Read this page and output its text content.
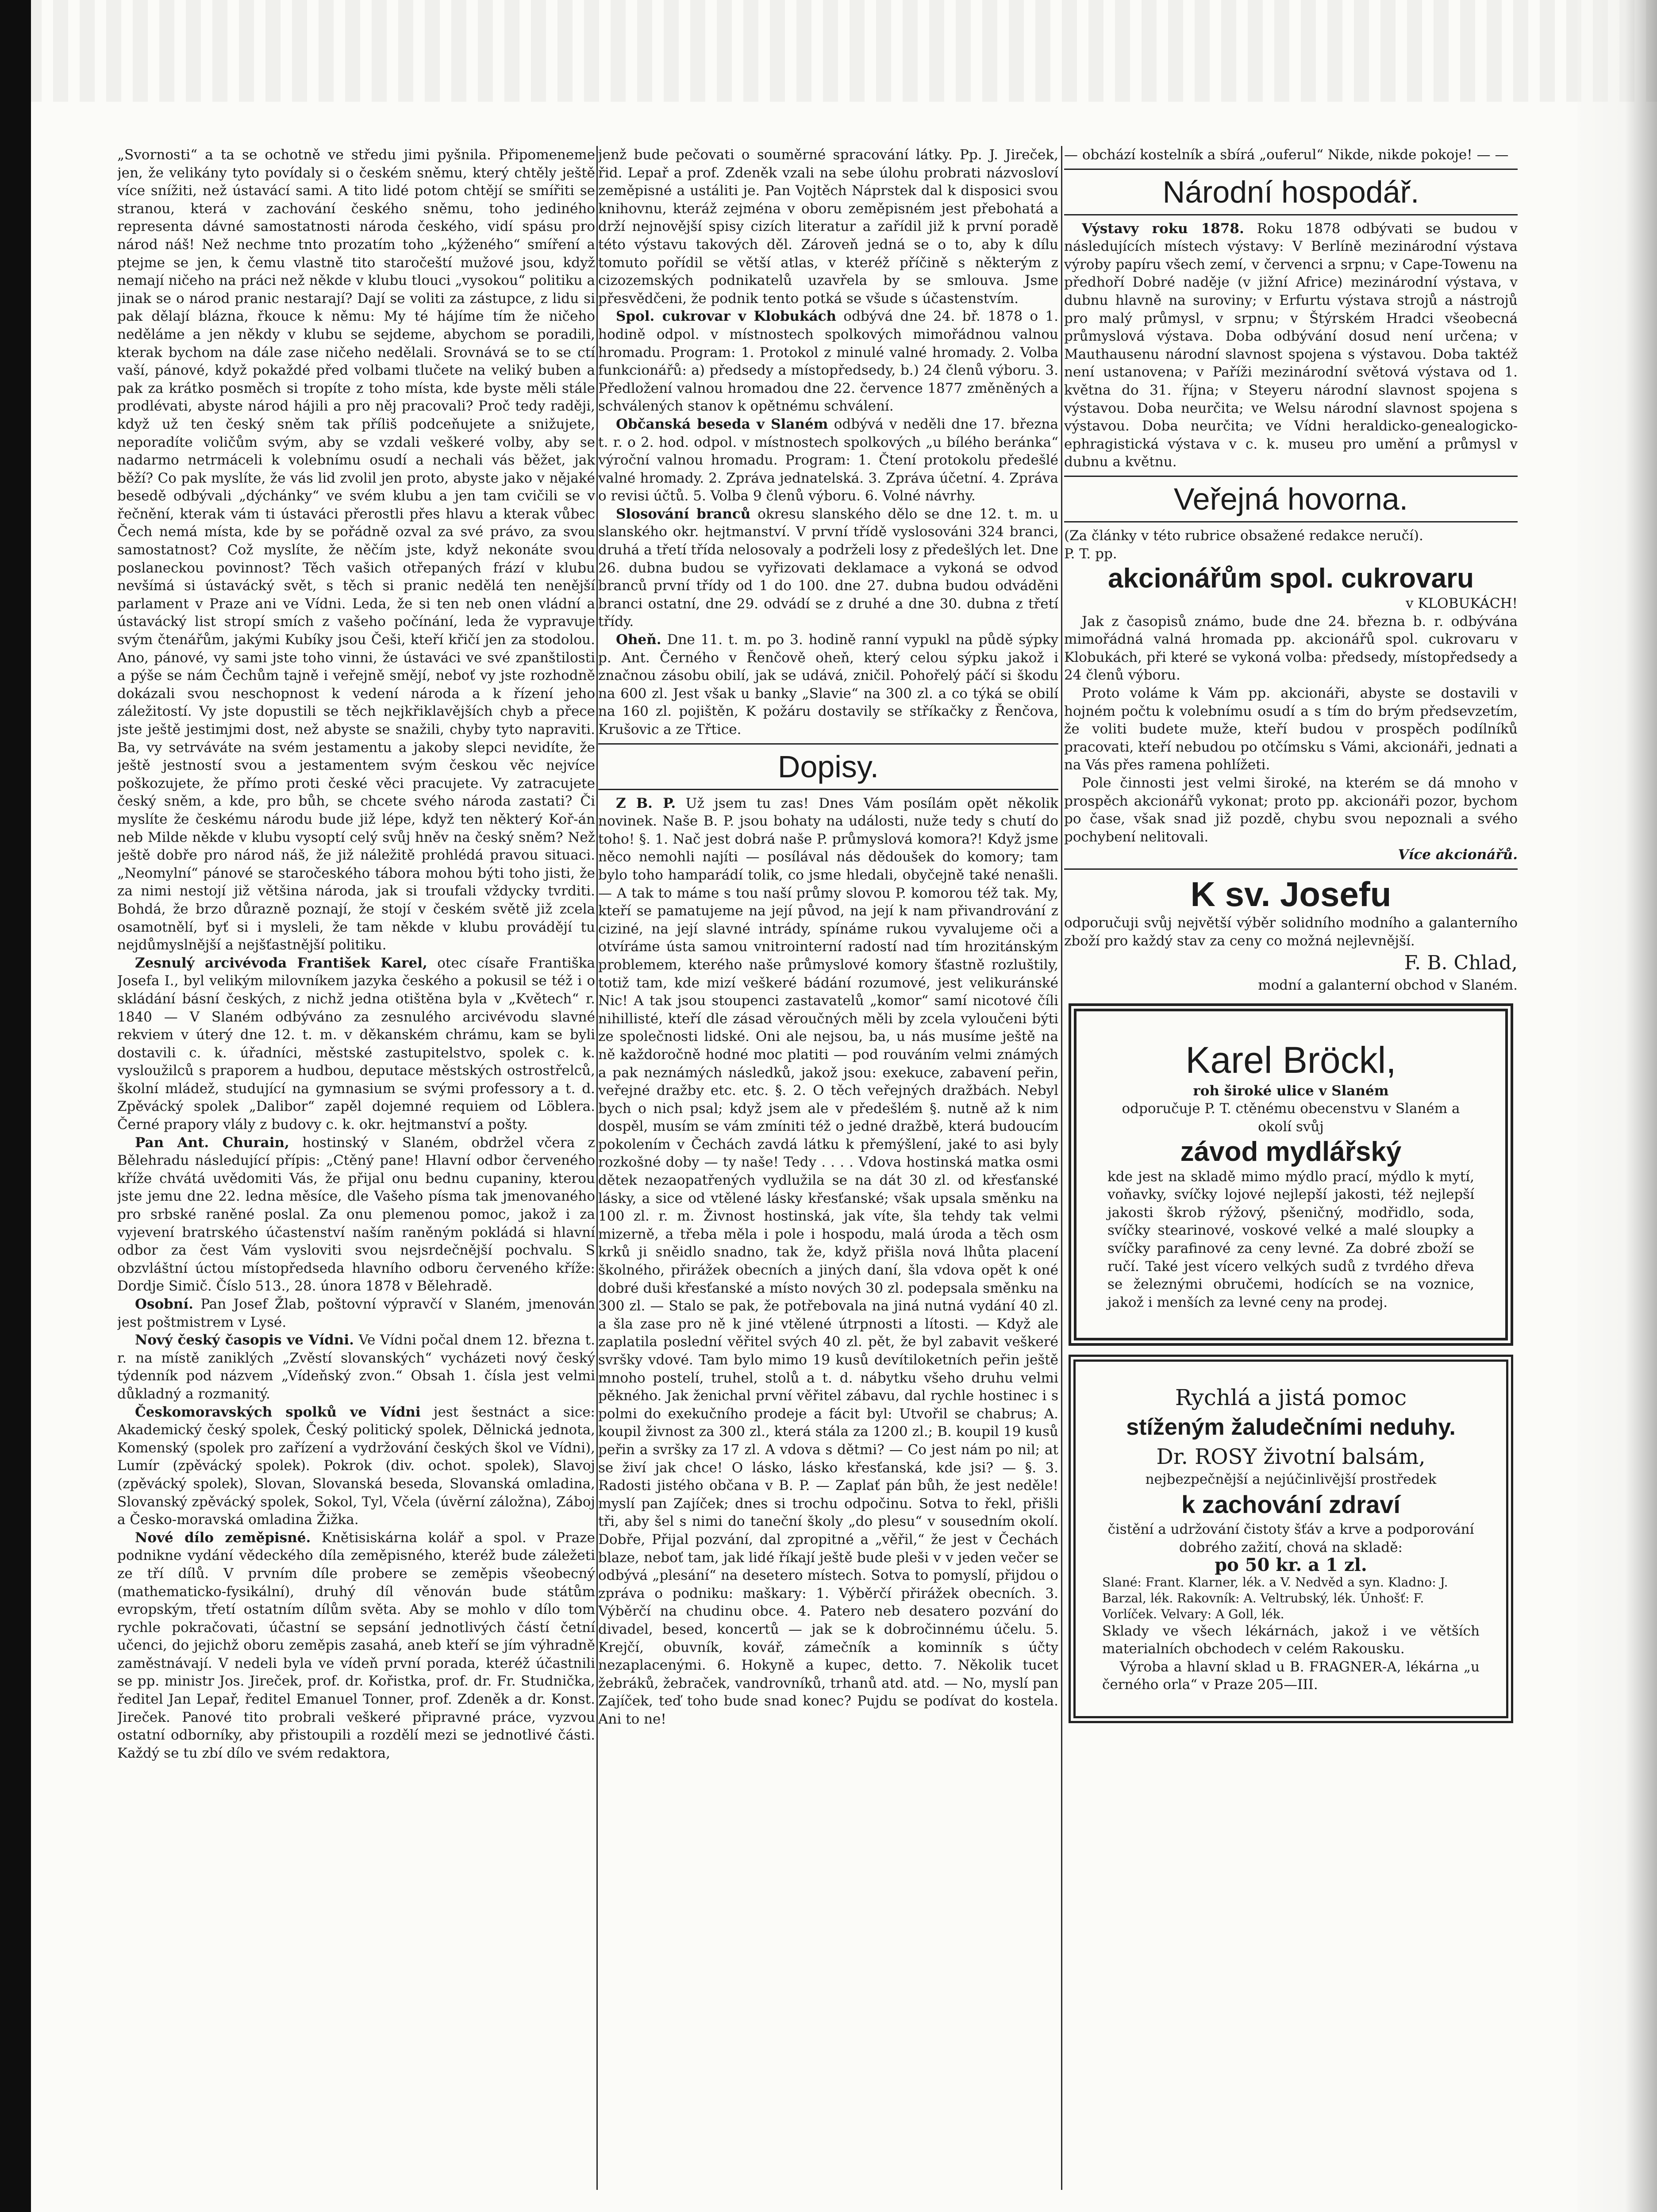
„Svornosti“ a ta se ochotně ve středu jimi pyšnila. Připomeneme jen, že velikány tyto povídaly si o českém sněmu, který chtěly ještě více snížiti, než ústavácí sami. A tito lidé potom chtějí se smířiti se stranou, která v zachování českého sněmu, toho jediného representa dávné samostatnosti národa českého, vidí spásu pro národ náš! Než nechme tnto prozatím toho „kýženého“ smíření a ptejme se jen, k čemu vlastně tito staročeští mužové jsou, když nemají ničeho na práci než někde v klubu tlouci „vysokou“ politiku a jinak se o národ pranic nestarají? Dají se voliti za zástupce, z lidu si pak dělají blázna, řkouce k němu: My té hájíme tím že ničeho neděláme a jen někdy v klubu se sejdeme, abychom se poradili, kterak bychom na dále zase ničeho nedělali. Srovnává se to se ctí vaší, pánové, když pokaždé před volbami tlučete na veliký buben a pak za krátko posměch si tropíte z toho místa, kde byste měli stále prodlévati, abyste národ hájili a pro něj pracovali? Proč tedy raději, když už ten český sněm tak příliš podceňujete a snižujete, neporadíte voličům svým, aby se vzdali veškeré volby, aby se nadarmo netrmáceli k volebnímu osudí a nechali vás běžet, jak běží? Co pak myslíte, že vás lid zvolil jen proto, abyste jako v nějaké besedě odbývali „dýchánky“ ve svém klubu a jen tam cvičili se v řečnění, kterak vám ti ústaváci přerostli přes hlavu a kterak vůbec Čech nemá místa, kde by se pořádně ozval za své právo, za svou samostatnost? Což myslíte, že něčím jste, když nekonáte svou poslaneckou povinnost? Těch vašich otřepaných frází v klubu nevšímá si ústavácký svět, s těch si pranic nedělá ten nenější parlament v Praze ani ve Vídni. Leda, že si ten neb onen vládní a ústavácký list stropí smích z vašeho počínání, leda že vypravuje svým čtenářům, jakými Kubíky jsou Češi, kteří křičí jen za stodolou. Ano, pánové, vy sami jste toho vinni, že ústaváci ve své zpanštilosti a pýše se nám Čechům tajně i veřejně smějí, neboť vy jste rozhodně dokázali svou neschopnost k vedení národa a k řízení jeho záležitostí. Vy jste dopustili se těch nejkřiklavějších chyb a přece jste ještě jestimjmi dost, než abyste se snažili, chyby tyto napraviti. Ba, vy setrváváte na svém jestamentu a jakoby slepci nevidíte, že ještě jestností svou a jestamentem svým českou věc nejvíce poškozujete, že přímo proti české věci pracujete. Vy zatracujete český sněm, a kde, pro bůh, se chcete svého národa zastati? Či myslíte že českému národu bude již lépe, když ten některý Koř‑án neb Milde někde v klubu vysoptí celý svůj hněv na český sněm? Než ještě dobře pro národ náš, že již náležitě prohlédá pravou situaci. „Neomylní“ pánové se staročeského tábora mohou býti toho jisti, že za nimi nestojí již většina národa, jak si troufali vždycky tvrditi. Bohdá, že brzo důrazně poznají, že stojí v českém světě již zcela osamotnělí, byť si i mysleli, že tam někde v klubu provádějí tu nejdůmyslnější a nejšťastnější politiku.

Zesnulý arcivévoda František Karel, otec císaře Františka Josefa I., byl velikým milovníkem jazyka českého a pokusil se též i o skládání básní českých, z nichž jedna otištěna byla v „Květech“ r. 1840 — V Slaném odbýváno za zesnulého arcivévodu slavné rekviem v úterý dne 12. t. m. v děkanském chrámu, kam se byli dostavili c. k. úřadníci, městské zastupitelstvo, spolek c. k. vysloužilců s praporem a hudbou, deputace městských ostrostřelců, školní mládež, studující na gymnasium se svými professory a t. d. Zpěvácký spolek „Dalibor“ zapěl dojemné requiem od Löblera. Černé prapory vlály z budovy c. k. okr. hejtmanství a pošty.

Pan Ant. Churain, hostinský v Slaném, obdržel včera z Bělehradu následující přípis: „Ctěný pane! Hlavní odbor červeného kříže chvátá uvědomiti Vás, že přijal onu bednu cupaniny, kterou jste jemu dne 22. ledna měsíce, dle Vašeho písma tak jmenovaného pro srbské raněné poslal. Za onu plemenou pomoc, jakož i za vyjevení bratrského účastenství naším raněným pokládá si hlavní odbor za čest Vám vysloviti svou nejsrdečnější pochvalu. S obzvláštní úctou místopředseda hlavního odboru červeného kříže: Dordje Simič. Číslo 513., 28. února 1878 v Bělehradě.

Osobní. Pan Josef Žlab, poštovní výpravčí v Slaném, jmenován jest poštmistrem v Lysé.

Nový český časopis ve Vídni. Ve Vídni počal dnem 12. března t. r. na místě zaniklých „Zvěstí slovanských“ vycházeti nový český týdenník pod názvem „Vídeňský zvon.“ Obsah 1. čísla jest velmi důkladný a rozmanitý.

Českomoravských spolků ve Vídni jest šestnáct a sice: Akademický český spolek, Český politický spolek, Dělnická jednota, Komenský (spolek pro zařízení a vydržování českých škol ve Vídni), Lumír (zpěvácký spolek). Pokrok (div. ochot. spolek), Slavoj (zpěvácký spolek), Slovan, Slovanská beseda, Slovanská omladina, Slovanský zpěvácký spolek, Sokol, Tyl, Včela (úvěrní záložna), Záboj a Česko-moravská omladina Žižka.

Nové dílo zeměpisné. Knětisiskárna kolář a spol. v Praze podnikne vydání vědeckého díla zeměpisného, kteréž bude záležeti ze tří dílů. V prvním díle probere se zeměpis všeobecný (mathematicko-fysikální), druhý díl věnován bude státům evropským, třetí ostatním dílům světa. Aby se mohlo v dílo tom rychle pokračovati, účastní se sepsání jednotlivých částí četní učenci, do jejichž oboru zeměpis zasahá, aneb kteří se jím výhradně zaměstnávají. V nedeli byla ve vídeň první porada, kteréž účastnili se pp. ministr Jos. Jireček, prof. dr. Kořistka, prof. dr. Fr. Studnička, ředitel Jan Lepař, ředitel Emanuel Tonner, prof. Zdeněk a dr. Konst. Jireček. Panové tito probrali veškeré připravné práce, vyzvou ostatní odborníky, aby přistoupili a rozdělí mezi se jednotlivé části. Každý se tu zbí dílo ve svém redaktora,

jenž bude pečovati o souměrné spracování látky. Pp. J. Jireček, řid. Lepař a prof. Zdeněk vzali na sebe úlohu probrati názvosloví zeměpisné a ustáliti je. Pan Vojtěch Náprstek dal k disposici svou knihovnu, kteráž zejména v oboru zeměpisném jest přebohatá a drží nejnovější spisy cizích literatur a zařídil již k první poradě této výstavu takových děl. Zároveň jedná se o to, aby k dílu tomuto pořídil se větší atlas, v kteréž příčině s některým z cizozemských podnikatelů uzavřela by se smlouva. Jsme přesvědčeni, že podnik tento potká se všude s účastenstvím.

Spol. cukrovar v Klobukách odbývá dne 24. bř. 1878 o 1. hodině odpol. v místnostech spolkových mimořádnou valnou hromadu. Program: 1. Protokol z minulé valné hromady. 2. Volba funkcionářů: a) předsedy a místopředsedy, b.) 24 členů výboru. 3. Předložení valnou hromadou dne 22. července 1877 změněných a schválených stanov k opětnému schválení.

Občanská beseda v Slaném odbývá v neděli dne 17. března t. r. o 2. hod. odpol. v místnostech spolkových „u bílého beránka“ výroční valnou hromadu. Program: 1. Čtení protokolu předešlé valné hromady. 2. Zpráva jednatelská. 3. Zpráva účetní. 4. Zpráva o revisi účtů. 5. Volba 9 členů výboru. 6. Volné návrhy.

Slosování branců okresu slanského dělo se dne 12. t. m. u slanského okr. hejtmanství. V první třídě vyslosováni 324 branci, druhá a třetí třída nelosovaly a podrželi losy z předešlých let. Dne 26. dubna budou se vyřizovati deklamace a vykoná se odvod branců první třídy od 1 do 100. dne 27. dubna budou odváděni branci ostatní, dne 29. odvádí se z druhé a dne 30. dubna z třetí třídy.

Oheň. Dne 11. t. m. po 3. hodině ranní vypukl na půdě sýpky p. Ant. Černého v Řenčově oheň, který celou sýpku jakož i značnou zásobu obilí, jak se udává, zničil. Pohořelý páčí si škodu na 600 zl. Jest však u banky „Slavie“ na 300 zl. a co týká se obilí na 160 zl. pojištěn, K požáru dostavily se stříkačky z Řenčova, Krušovic a ze Třtice.

Dopisy.

Z B. P. Už jsem tu zas! Dnes Vám posílám opět několik novinek. Naše B. P. jsou bohaty na události, nuže tedy s chutí do toho! §. 1. Nač jest dobrá naše P. průmyslová komora?! Když jsme něco nemohli najíti — posílával nás dědoušek do komory; tam bylo toho hamparádí tolik, co jsme hledali, obyčejně také nenašli. — A tak to máme s tou naší průmy slovou P. komorou též tak. My, kteří se pamatujeme na její původ, na její k nam přivandrování z ciziné, na její slavné intrády, spínáme rukou vyvalujeme oči a otvíráme ústa samou vnitrointerní radostí nad tím hrozitánským problemem, kterého naše průmyslové komory šťastně rozluštily, totiž tam, kde mizí veškeré bádání rozumové, jest velikuránské Nic! A tak jsou stoupenci zastavatelů „komor“ samí nicotové číli nihillisté, kteří dle zásad věroučných měli by zcela vyloučeni býti ze společnosti lidské. Oni ale nejsou, ba, u nás musíme ještě na ně každoročně hodné moc platiti — pod rouváním velmi známých a pak neznámých následků, jakož jsou: exekuce, zabavení peřin, veřejné dražby etc. etc. §. 2. O těch veřejných dražbách. Nebyl bych o nich psal; když jsem ale v předešlém §. nutně až k nim dospěl, musím se vám zmíniti též o jedné dražbě, která budoucím pokolením v Čechách zavdá látku k přemýšlení, jaké to asi byly rozkošné doby — ty naše! Tedy . . . . Vdova hostinská matka osmi dětek nezaopatřených vydlužila se na dát 30 zl. od křesťanské lásky, a sice od vtělené lásky křesťanské; však upsala směnku na 100 zl. r. m. Živnost hostinská, jak víte, šla tehdy tak velmi mizerně, a třeba měla i pole i hospodu, malá úroda a těch osm krků ji sněidlo snadno, tak že, když přišla nová lhůta placení školného, přirážek obecních a jiných daní, šla vdova opět k oné dobré duši křesťanské a místo nových 30 zl. podepsala směnku na 300 zl. — Stalo se pak, že potřebovala na jiná nutná vydání 40 zl. a šla zase pro ně k jiné vtělené útrpnosti a lítosti. — Když ale zaplatila poslední věřitel svých 40 zl. pět, že byl zabavit veškeré svršky vdové. Tam bylo mimo 19 kusů devítiloketních peřin ještě mnoho postelí, truhel, stolů a t. d. nábytku všeho druhu velmi pěkného. Jak ženichal první věřitel zábavu, dal rychle hostinec i s polmi do exekučního prodeje a fácit byl: Utvořil se chabrus; A. koupil živnost za 300 zl., která stála za 1200 zl.; B. koupil 19 kusů peřin a svršky za 17 zl. A vdova s dětmi? — Co jest nám po nil; at se živí jak chce! O lásko, lásko křesťanská, kde jsi? — §. 3. Radosti jistého občana v B. P. — Zaplať pán bůh, že jest neděle! myslí pan Zajíček; dnes si trochu odpočinu. Sotva to řekl, přišli tři, aby šel s nimi do taneční školy „do plesu“ v sousedním okolí. Dobře, Přijal pozvání, dal zpropitné a „věřil,“ že jest v Čechách blaze, neboť tam, jak lidé říkají ještě bude pleši v v jeden večer se odbývá „plesání“ na desetero místech. Sotva to pomyslí, přijdou o zpráva o podniku: maškary: 1. Výběrčí přirážek obecních. 3. Výběrčí na chudinu obce. 4. Patero neb desatero pozvání do divadel, besed, koncertů — jak se k dobročinnému účelu. 5. Krejčí, obuvník, kovář, zámečník a kominník s účty nezaplacenými. 6. Hokyně a kupec, detto. 7. Několik tucet žebráků, žebraček, vandrovníků, trhanů atd. atd. — No, myslí pan Zajíček, teď toho bude snad konec? Pujdu se podívat do kostela. Ani to ne!

— obchází kostelník a sbírá „ouferul“ Nikde, nikde pokoje! — —

Národní hospodář.

Výstavy roku 1878. Roku 1878 odbývati se budou v následujících místech výstavy: V Berlíně mezinárodní výstava výroby papíru všech zemí, v červenci a srpnu; v Cape-Towenu na předhoří Dobré naděje (v jižní Africe) mezinárodní výstava, v dubnu hlavně na suroviny; v Erfurtu výstava strojů a nástrojů pro malý průmysl, v srpnu; v Štýrském Hradci všeobecná průmyslová výstava. Doba odbývání dosud není určena; v Mauthausenu národní slavnost spojena s výstavou. Doba taktéž není ustanovena; v Paříži mezinárodní světová výstava od 1. května do 31. října; v Steyeru národní slavnost spojena s výstavou. Doba neurčita; ve Welsu národní slavnost spojena s výstavou. Doba neurčita; ve Vídni heraldicko-genealogicko-ephragistická výstava v c. k. museu pro umění a průmysl v dubnu a květnu.

Veřejná hovorna.

(Za články v této rubrice obsažené redakce neručí).

P. T. pp.

akcionářům spol. cukrovaru
v KLOBUKÁCH!

Jak z časopisů známo, bude dne 24. března b. r. odbývána mimořádná valná hromada pp. akcionářů spol. cukrovaru v Klobukách, při které se vykoná volba: předsedy, místopředsedy a 24 členů výboru.

Proto voláme k Vám pp. akcionáři, abyste se dostavili v hojném počtu k volebnímu osudí a s tím do brým předsevzetím, že voliti budete muže, kteří budou v prospěch podílníků pracovati, kteří nebudou po otčímsku s Vámi, akcionáři, jednati a na Vás přes ramena pohlížeti.

Pole činnosti jest velmi široké, na kterém se dá mnoho v prospěch akcionářů vykonat; proto pp. akcionáři pozor, bychom po čase, však snad již pozdě, chybu svou nepoznali a svého pochybení nelitovali.

Více akcionářů.
K sv. Josefu

odporučuji svůj největší výběr solidního modního a galanterního zboží pro každý stav za ceny co možná nejlevnější.

F. B. Chlad,
modní a galanterní obchod v Slaném.
Karel Bröckl,
roh široké ulice v Slaném
odporučuje P. T. ctěnému obecenstvu v Slaném a okolí svůj
závod mydlářský

kde jest na skladě mimo mýdlo prací, mýdlo k mytí, voňavky, svíčky lojové nejlepší jakosti, též nejlepší jakosti škrob rýžový, pšeničný, modřidlo, soda, svíčky stearinové, voskové velké a malé sloupky a svíčky parafinové za ceny levné. Za dobré zboží se ručí. Také jest vícero velkých sudů z tvrdého dřeva se železnými obručemi, hodících se na voznice, jakož i menších za levné ceny na prodej.

Rychlá a jistá pomoc
stíženým žaludečními neduhy.
Dr. ROSY životní balsám,
nejbezpečnější a nejúčinlivější prostředek
k zachování zdraví
čistění a udržování čistoty šťáv a krve a podporování dobrého zažití, chová na skladě:
po 50 kr. a 1 zl.

Slané: Frant. Klarner, lék. a V. Nedvěd a syn. Kladno: J. Barzal, lék. Rakovník: A. Veltrubský, lék. Únhošť: F. Vorlíček. Velvary: A Goll, lék.

Sklady ve všech lékárnách, jakož i ve větších materialních obchodech v celém Rakousku.

Výroba a hlavní sklad u B. FRAGNER-A, lékárna „u černého orla“ v Praze 205—III.
